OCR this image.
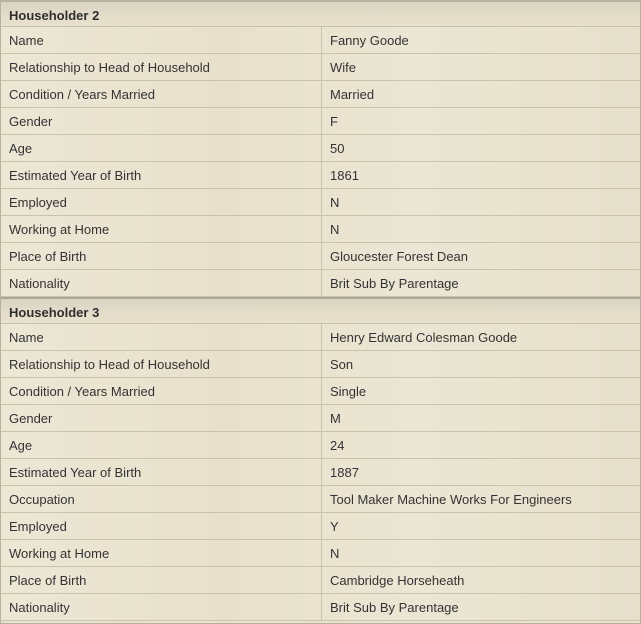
Householder 2
Name	Fanny Goode
Relationship to Head of Household	Wife
Condition / Years Married	Married
Gender	F
Age	50
Estimated Year of Birth	1861
Employed	N
Working at Home	N
Place of Birth	Gloucester Forest Dean
Nationality	Brit Sub By Parentage
Householder 3
Name	Henry Edward Colesman Goode
Relationship to Head of Household	Son
Condition / Years Married	Single
Gender	M
Age	24
Estimated Year of Birth	1887
Occupation	Tool Maker Machine Works For Engineers
Employed	Y
Working at Home	N
Place of Birth	Cambridge Horseheath
Nationality	Brit Sub By Parentage
